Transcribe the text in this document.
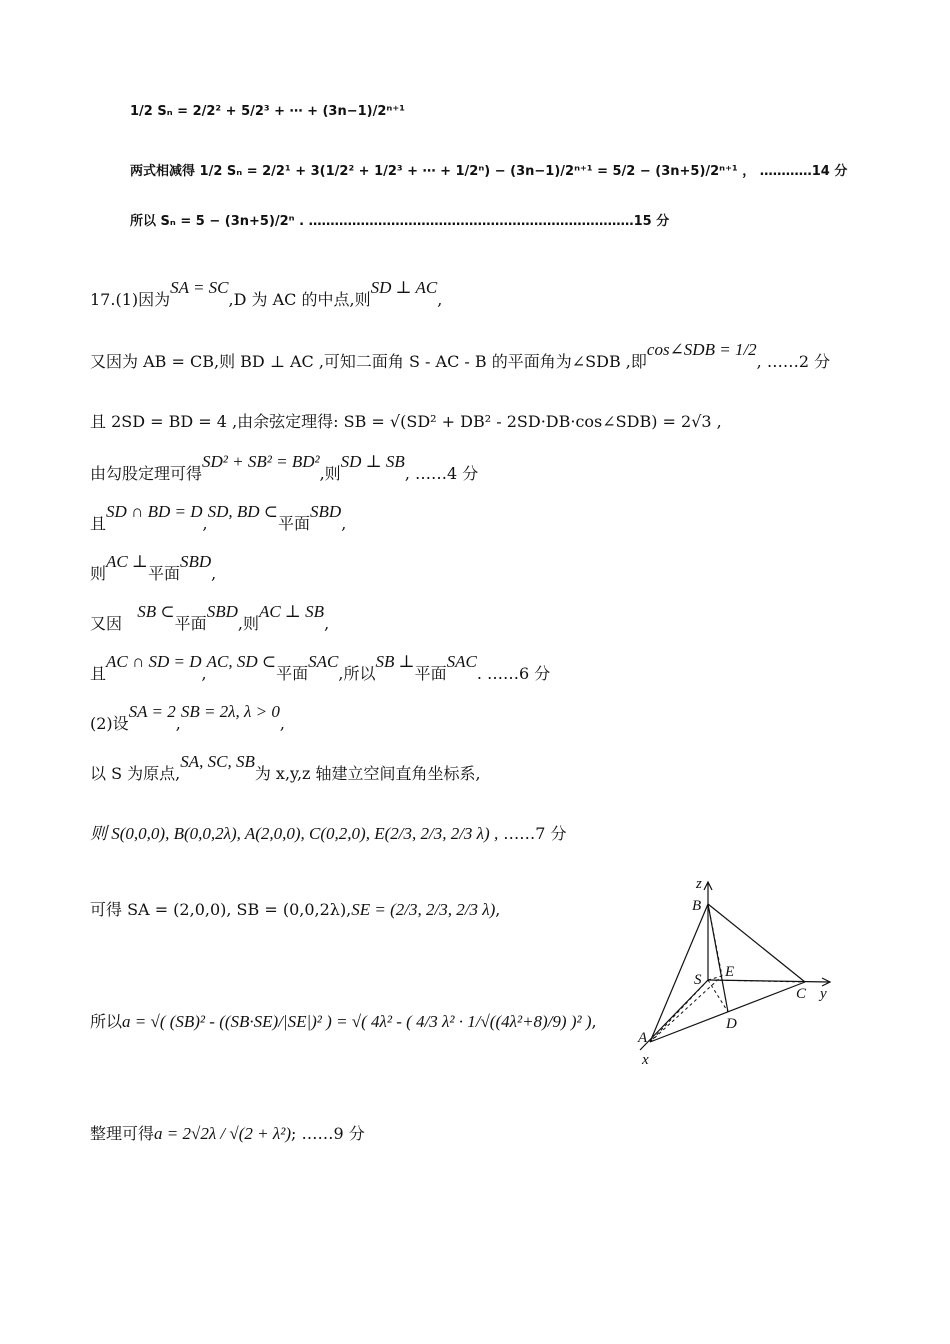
1/2 Sₙ = 2/2² + 5/2³ + ⋯ + (3n−1)/2ⁿ⁺¹
两式相减得 1/2 Sₙ = 2/2¹ + 3(1/2² + 1/2³ + ⋯ + 1/2ⁿ) − (3n−1)/2ⁿ⁺¹ = 5/2 − (3n+5)/2ⁿ⁺¹ ， …………14 分
所以 Sₙ = 5 − (3n+5)/2ⁿ . …………………………………………………………………15 分
17.(1)因为SA = SC,D 为 AC 的中点,则SD ⊥ AC,
又因为 AB = CB,则 BD ⊥ AC ,可知二面角 S - AC - B 的平面角为∠SDB ,即cos∠SDB = 1/2, ……2 分
且 2SD = BD = 4 ,由余弦定理得: SB = √(SD² + DB² - 2SD·DB·cos∠SDB) = 2√3 ,
由勾股定理可得SD² + SB² = BD²,则SD ⊥ SB, ……4 分
且SD ∩ BD = D,SD, BD ⊂平面SBD,
则AC ⊥平面SBD,
又因   SB ⊂平面SBD,则AC ⊥ SB,
且AC ∩ SD = D,AC, SD ⊂平面SAC,所以SB ⊥平面SAC. ……6 分
(2)设SA = 2,SB = 2λ, λ > 0,
以 S 为原点,SA, SC, SB为 x,y,z 轴建立空间直角坐标系,
则 S(0,0,0), B(0,0,2λ), A(2,0,0), C(0,2,0), E(2/3, 2/3, 2/3 λ) , ……7 分
可得 SA = (2,0,0), SB = (0,0,2λ),SE = (2/3, 2/3, 2/3 λ),
所以a = √( (SB)² - ((SB·SE)/|SE|)² ) = √( 4λ² - ( 4/3 λ² · 1/√((4λ²+8)/9) )² ),
整理可得a = 2√2λ / √(2 + λ²); ……9 分
z
B
S E
C y
D
A
x
